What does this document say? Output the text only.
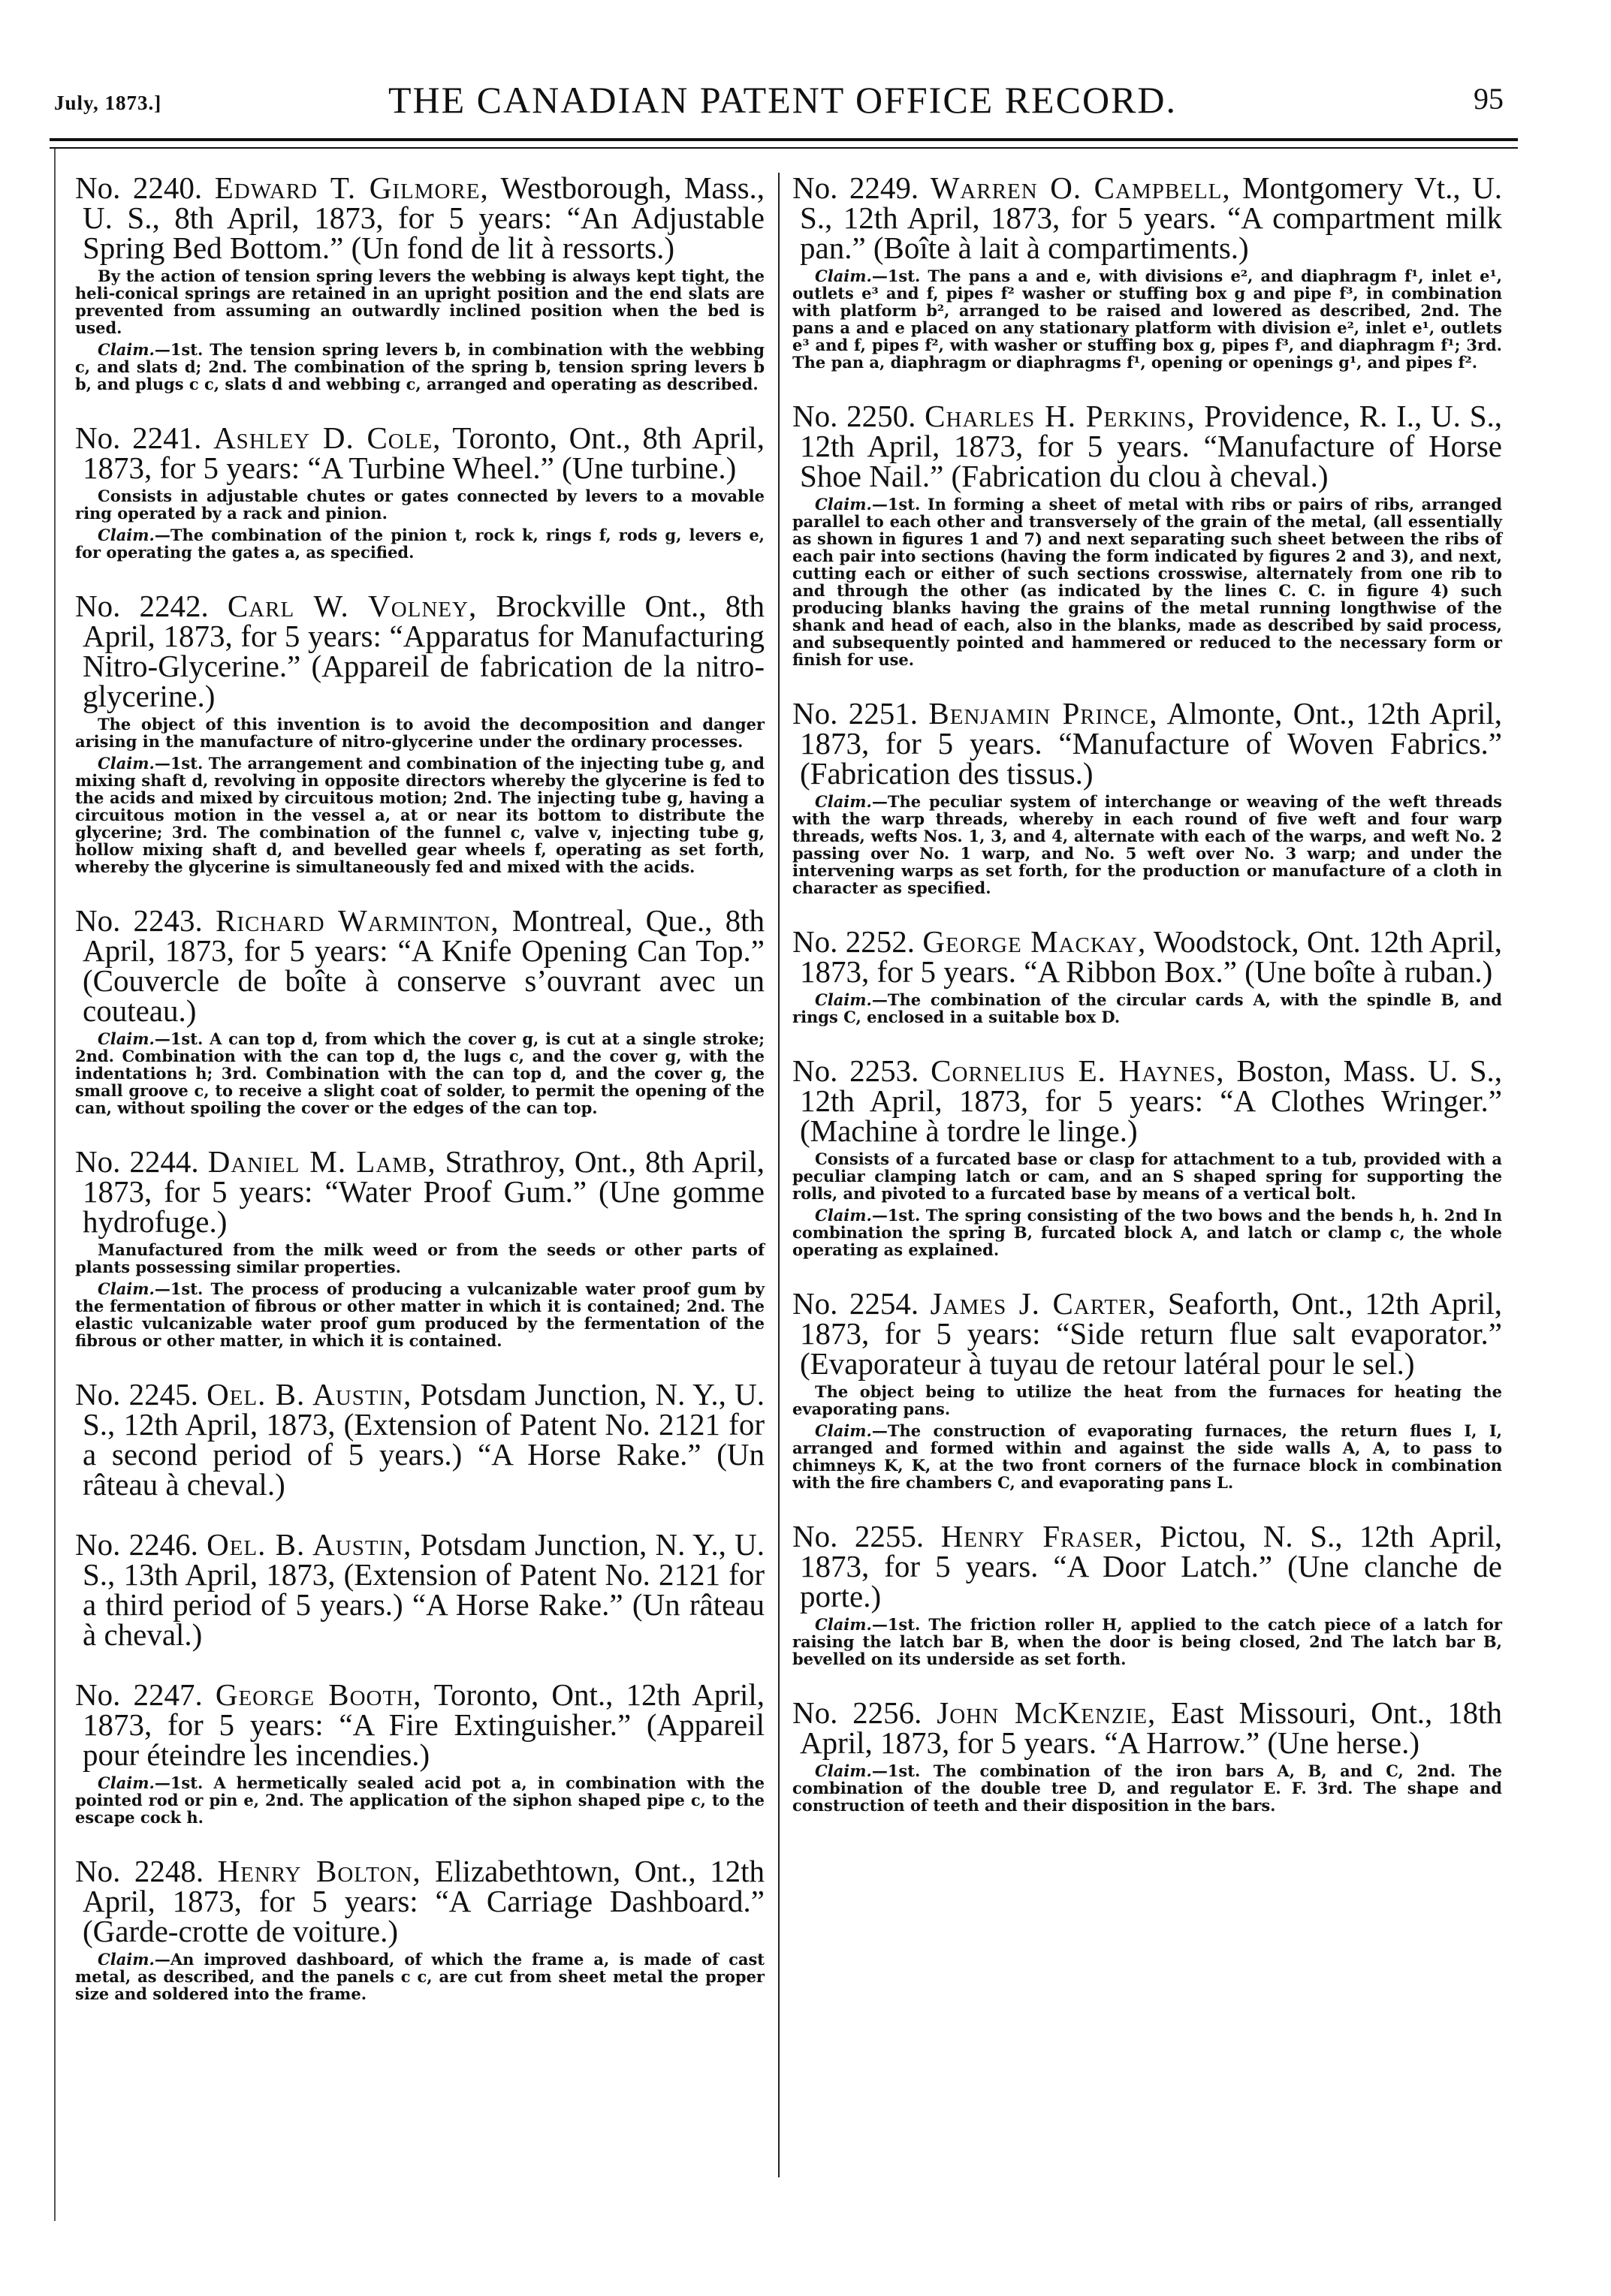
July, 1873.]	THE CANADIAN PATENT OFFICE RECORD.	95
No. 2240. Edward T. Gilmore, Westborough, Mass., U. S., 8th April, 1873, for 5 years: “An Adjustable Spring Bed Bottom.” (Un fond de lit à ressorts.)

By the action of tension spring levers the webbing is always kept tight, the heli-conical springs are retained in an upright position and the end slats are prevented from assuming an outwardly inclined position when the bed is used.

Claim.—1st. The tension spring levers b, in combination with the webbing c, and slats d; 2nd. The combination of the spring b, tension spring levers b b, and plugs c c, slats d and webbing c, arranged and operating as described.

No. 2241. Ashley D. Cole, Toronto, Ont., 8th April, 1873, for 5 years: “A Turbine Wheel.” (Une turbine.)

Consists in adjustable chutes or gates connected by levers to a movable ring operated by a rack and pinion.

Claim.—The combination of the pinion t, rock k, rings f, rods g, levers e, for operating the gates a, as specified.

No. 2242. Carl W. Volney, Brockville Ont., 8th April, 1873, for 5 years: “Apparatus for Manufacturing Nitro-Glycerine.” (Appareil de fabrication de la nitro-glycerine.)

The object of this invention is to avoid the decomposition and danger arising in the manufacture of nitro-glycerine under the ordinary processes.

Claim.—1st. The arrangement and combination of the injecting tube g, and mixing shaft d, revolving in opposite directors whereby the glycerine is fed to the acids and mixed by circuitous motion; 2nd. The injecting tube g, having a circuitous motion in the vessel a, at or near its bottom to distribute the glycerine; 3rd. The combination of the funnel c, valve v, injecting tube g, hollow mixing shaft d, and bevelled gear wheels f, operating as set forth, whereby the glycerine is simultaneously fed and mixed with the acids.

No. 2243. Richard Warminton, Montreal, Que., 8th April, 1873, for 5 years: “A Knife Opening Can Top.” (Couvercle de boîte à conserve s’ouvrant avec un couteau.)

Claim.—1st. A can top d, from which the cover g, is cut at a single stroke; 2nd. Combination with the can top d, the lugs c, and the cover g, with the indentations h; 3rd. Combination with the can top d, and the cover g, the small groove c, to receive a slight coat of solder, to permit the opening of the can, without spoiling the cover or the edges of the can top.

No. 2244. Daniel M. Lamb, Strathroy, Ont., 8th April, 1873, for 5 years: “Water Proof Gum.” (Une gomme hydrofuge.)

Manufactured from the milk weed or from the seeds or other parts of plants possessing similar properties.

Claim.—1st. The process of producing a vulcanizable water proof gum by the fermentation of fibrous or other matter in which it is contained; 2nd. The elastic vulcanizable water proof gum produced by the fermentation of the fibrous or other matter, in which it is contained.

No. 2245. Oel. B. Austin, Potsdam Junction, N. Y., U. S., 12th April, 1873, (Extension of Patent No. 2121 for a second period of 5 years.) “A Horse Rake.” (Un râteau à cheval.)
No. 2246. Oel. B. Austin, Potsdam Junction, N. Y., U. S., 13th April, 1873, (Extension of Patent No. 2121 for a third period of 5 years.) “A Horse Rake.” (Un râteau à cheval.)
No. 2247. George Booth, Toronto, Ont., 12th April, 1873, for 5 years: “A Fire Extinguisher.” (Appareil pour éteindre les incendies.)

Claim.—1st. A hermetically sealed acid pot a, in combination with the pointed rod or pin e, 2nd. The application of the siphon shaped pipe c, to the escape cock h.

No. 2248. Henry Bolton, Elizabethtown, Ont., 12th April, 1873, for 5 years: “A Carriage Dashboard.” (Garde-crotte de voiture.)

Claim.—An improved dashboard, of which the frame a, is made of cast metal, as described, and the panels c c, are cut from sheet metal the proper size and soldered into the frame.

No. 2249. Warren O. Campbell, Montgomery Vt., U. S., 12th April, 1873, for 5 years. “A compartment milk pan.” (Boîte à lait à compartiments.)

Claim.—1st. The pans a and e, with divisions e², and diaphragm f¹, inlet e¹, outlets e³ and f, pipes f² washer or stuffing box g and pipe f³, in combination with platform b², arranged to be raised and lowered as described, 2nd. The pans a and e placed on any stationary platform with division e², inlet e¹, outlets e³ and f, pipes f², with washer or stuffing box g, pipes f³, and diaphragm f¹; 3rd. The pan a, diaphragm or diaphragms f¹, opening or openings g¹, and pipes f².

No. 2250. Charles H. Perkins, Providence, R. I., U. S., 12th April, 1873, for 5 years. “Manufacture of Horse Shoe Nail.” (Fabrication du clou à cheval.)

Claim.—1st. In forming a sheet of metal with ribs or pairs of ribs, arranged parallel to each other and transversely of the grain of the metal, (all essentially as shown in figures 1 and 7) and next separating such sheet between the ribs of each pair into sections (having the form indicated by figures 2 and 3), and next, cutting each or either of such sections crosswise, alternately from one rib to and through the other (as indicated by the lines C. C. in figure 4) such producing blanks having the grains of the metal running longthwise of the shank and head of each, also in the blanks, made as described by said process, and subsequently pointed and hammered or reduced to the necessary form or finish for use.

No. 2251. Benjamin Prince, Almonte, Ont., 12th April, 1873, for 5 years. “Manufacture of Woven Fabrics.” (Fabrication des tissus.)

Claim.—The peculiar system of interchange or weaving of the weft threads with the warp threads, whereby in each round of five weft and four warp threads, wefts Nos. 1, 3, and 4, alternate with each of the warps, and weft No. 2 passing over No. 1 warp, and No. 5 weft over No. 3 warp; and under the intervening warps as set forth, for the production or manufacture of a cloth in character as specified.

No. 2252. George Mackay, Woodstock, Ont. 12th April, 1873, for 5 years. “A Ribbon Box.” (Une boîte à ruban.)

Claim.—The combination of the circular cards A, with the spindle B, and rings C, enclosed in a suitable box D.

No. 2253. Cornelius E. Haynes, Boston, Mass. U. S., 12th April, 1873, for 5 years: “A Clothes Wringer.” (Machine à tordre le linge.)

Consists of a furcated base or clasp for attachment to a tub, provided with a peculiar clamping latch or cam, and an S shaped spring for supporting the rolls, and pivoted to a furcated base by means of a vertical bolt.

Claim.—1st. The spring consisting of the two bows and the bends h, h. 2nd In combination the spring B, furcated block A, and latch or clamp c, the whole operating as explained.

No. 2254. James J. Carter, Seaforth, Ont., 12th April, 1873, for 5 years: “Side return flue salt evaporator.” (Evaporateur à tuyau de retour latéral pour le sel.)

The object being to utilize the heat from the furnaces for heating the evaporating pans.

Claim.—The construction of evaporating furnaces, the return flues I, I, arranged and formed within and against the side walls A, A, to pass to chimneys K, K, at the two front corners of the furnace block in combination with the fire chambers C, and evaporating pans L.

No. 2255. Henry Fraser, Pictou, N. S., 12th April, 1873, for 5 years. “A Door Latch.” (Une clanche de porte.)

Claim.—1st. The friction roller H, applied to the catch piece of a latch for raising the latch bar B, when the door is being closed, 2nd The latch bar B, bevelled on its underside as set forth.

No. 2256. John McKenzie, East Missouri, Ont., 18th April, 1873, for 5 years. “A Harrow.” (Une herse.)

Claim.—1st. The combination of the iron bars A, B, and C, 2nd. The combination of the double tree D, and regulator E. F. 3rd. The shape and construction of teeth and their disposition in the bars.
